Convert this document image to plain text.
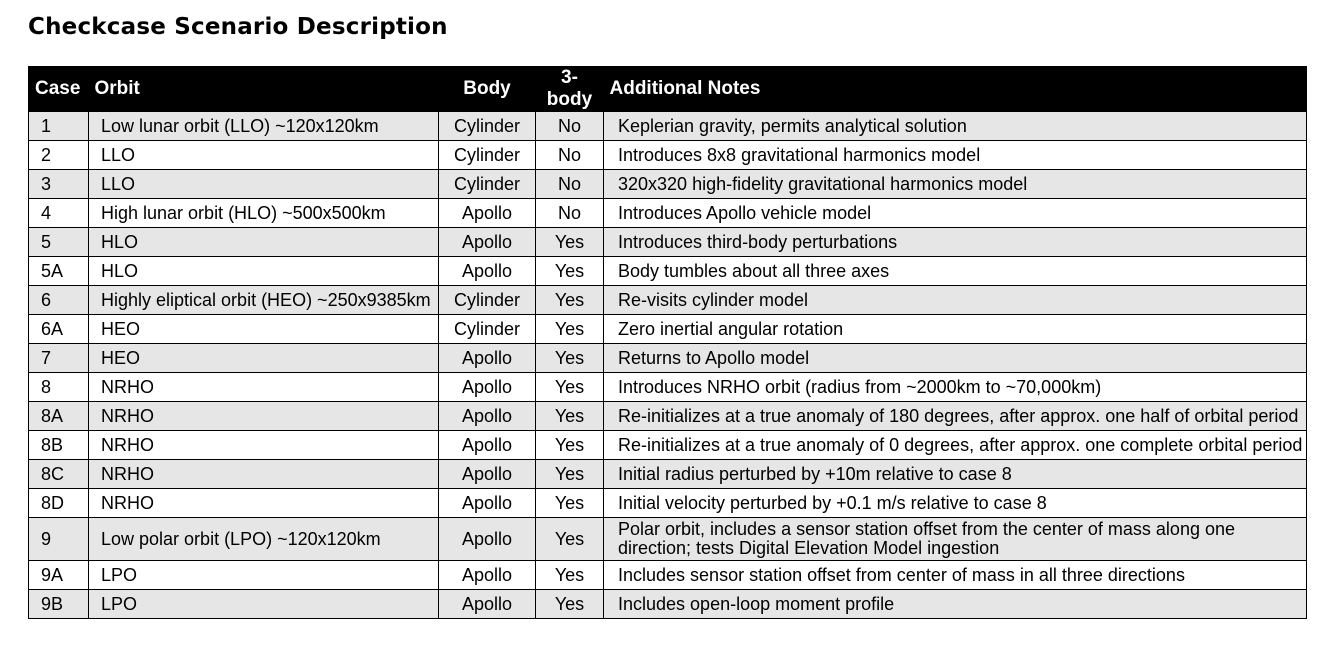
Checkcase Scenario Description
Case	Orbit	Body	3-body	Additional Notes
1	Low lunar orbit (LLO) ~120x120km	Cylinder	No	Keplerian gravity, permits analytical solution
2	LLO	Cylinder	No	Introduces 8x8 gravitational harmonics model
3	LLO	Cylinder	No	320x320 high-fidelity gravitational harmonics model
4	High lunar orbit (HLO) ~500x500km	Apollo	No	Introduces Apollo vehicle model
5	HLO	Apollo	Yes	Introduces third-body perturbations
5A	HLO	Apollo	Yes	Body tumbles about all three axes
6	Highly eliptical orbit (HEO) ~250x9385km	Cylinder	Yes	Re-visits cylinder model
6A	HEO	Cylinder	Yes	Zero inertial angular rotation
7	HEO	Apollo	Yes	Returns to Apollo model
8	NRHO	Apollo	Yes	Introduces NRHO orbit (radius from ~2000km to ~70,000km)
8A	NRHO	Apollo	Yes	Re-initializes at a true anomaly of 180 degrees, after approx. one half of orbital period
8B	NRHO	Apollo	Yes	Re-initializes at a true anomaly of 0 degrees, after approx. one complete orbital period
8C	NRHO	Apollo	Yes	Initial radius perturbed by +10m relative to case 8
8D	NRHO	Apollo	Yes	Initial velocity perturbed by +0.1 m/s relative to case 8
9	Low polar orbit (LPO) ~120x120km	Apollo	Yes	Polar orbit, includes a sensor station offset from the center of mass along one direction; tests Digital Elevation Model ingestion
9A	LPO	Apollo	Yes	Includes sensor station offset from center of mass in all three directions
9B	LPO	Apollo	Yes	Includes open-loop moment profile
